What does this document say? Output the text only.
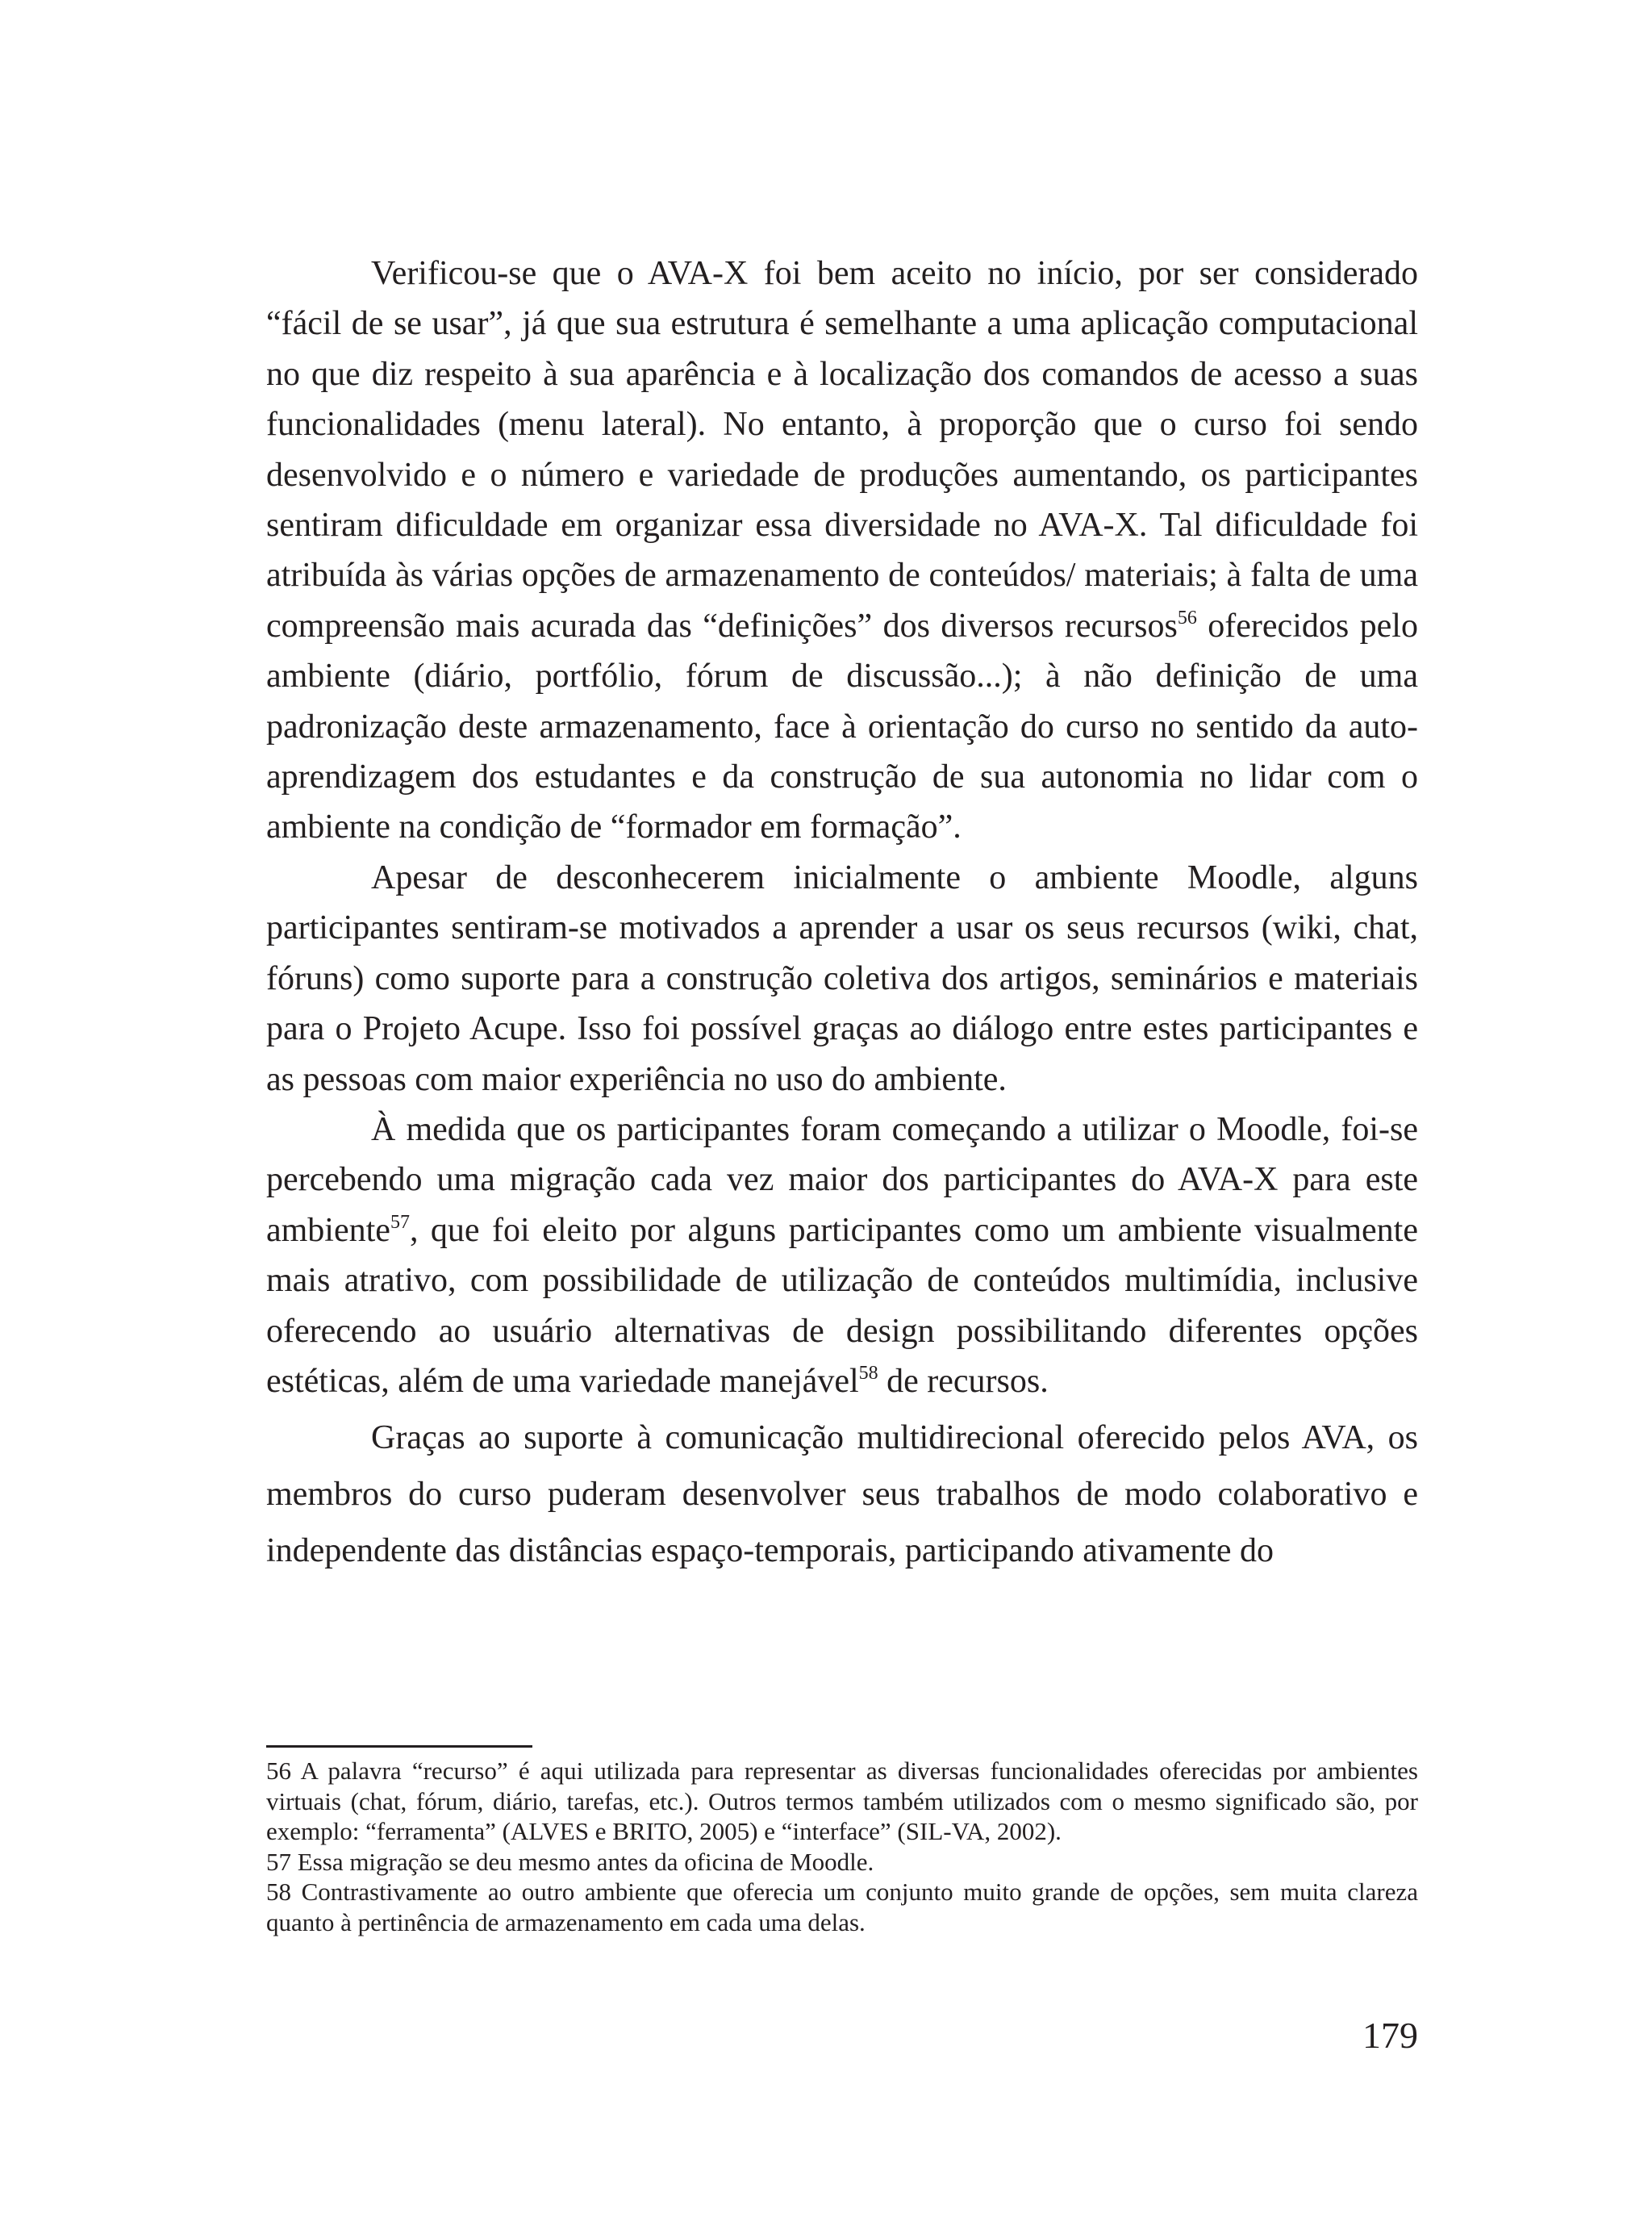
Verificou-se que o AVA-X foi bem aceito no início, por ser considerado “fácil de se usar”, já que sua estrutura é semelhante a uma aplicação computacional no que diz respeito à sua aparência e à localização dos comandos de acesso a suas funcionalidades (menu lateral). No entanto, à proporção que o curso foi sendo desenvolvido e o número e variedade de produções aumentando, os participantes sentiram dificuldade em organizar essa diversidade no AVA-X. Tal dificuldade foi atribuída às várias opções de armazenamento de conteúdos/ materiais; à falta de uma compreensão mais acurada das “definições” dos diversos recursos$^{56}$ oferecidos pelo ambiente (diário, portfólio, fórum de discussão...); à não definição de uma padronização deste armazenamento, face à orientação do curso no sentido da auto-aprendizagem dos estudantes e da construção de sua autonomia no lidar com o ambiente na condição de “formador em formação”.

Apesar de desconhecerem inicialmente o ambiente Moodle, alguns participantes sentiram-se motivados a aprender a usar os seus recursos (wiki, chat, fóruns) como suporte para a construção coletiva dos artigos, seminários e materiais para o Projeto Acupe. Isso foi possível graças ao diálogo entre estes participantes e as pessoas com maior experiência no uso do ambiente.

À medida que os participantes foram começando a utilizar o Moodle, foi-se percebendo uma migração cada vez maior dos participantes do AVA-X para este ambiente$^{57}$, que foi eleito por alguns participantes como um ambiente visualmente mais atrativo, com possibilidade de utilização de conteúdos multimídia, inclusive oferecendo ao usuário alternativas de design possibilitando diferentes opções estéticas, além de uma variedade manejável$^{58}$ de recursos.

Graças ao suporte à comunicação multidirecional oferecido pelos AVA, os membros do curso puderam desenvolver seus trabalhos de modo colaborativo e independente das distâncias espaço-temporais, participando ativamente do

56 A palavra “recurso” é aqui utilizada para representar as diversas funcionalidades oferecidas por ambientes virtuais (chat, fórum, diário, tarefas, etc.). Outros termos também utilizados com o mesmo significado são, por exemplo: “ferramenta” (ALVES e BRITO, 2005) e “interface” (SIL-VA, 2002).

57 Essa migração se deu mesmo antes da oficina de Moodle.

58 Contrastivamente ao outro ambiente que oferecia um conjunto muito grande de opções, sem muita clareza quanto à pertinência de armazenamento em cada uma delas.

179
